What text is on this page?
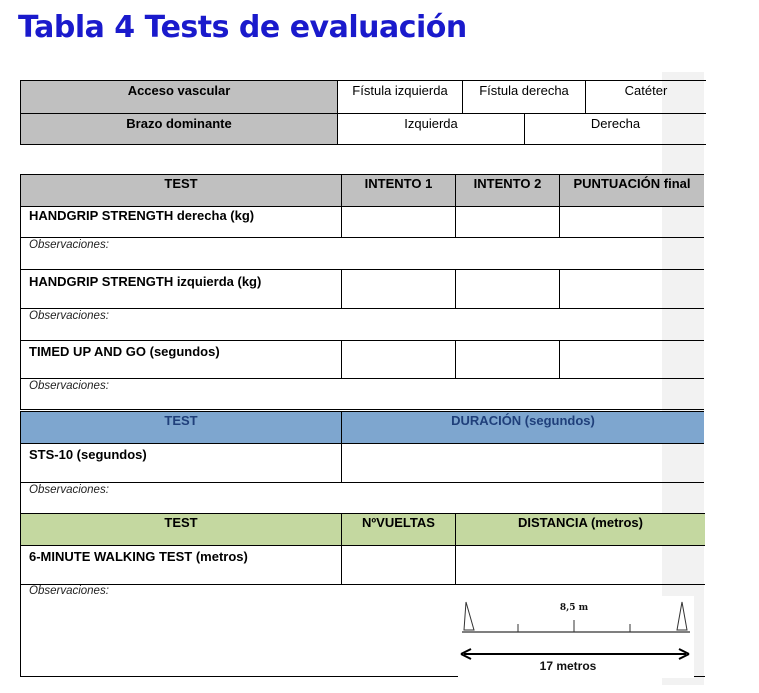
Tabla 4 Tests de evaluación
Acceso vascular	Fístula izquierda	Fístula derecha	Catéter
Brazo dominante	Izquierda	Derecha
TEST	INTENTO 1	INTENTO 2	PUNTUACIÓN final

HANDGRIP STRENGTH derecha (kg)			

Observaciones:			

HANDGRIP STRENGTH izquierda (kg)			

Observaciones:			

TIMED UP AND GO (segundos)			

Observaciones:			
TEST	DURACIÓN (segundos)

STS-10 (segundos)	

Observaciones:	
TEST	NºVUELTAS	DISTANCIA (metros)

6-MINUTE WALKING TEST (metros)		

Observaciones:		
8,5 m
17 metros
